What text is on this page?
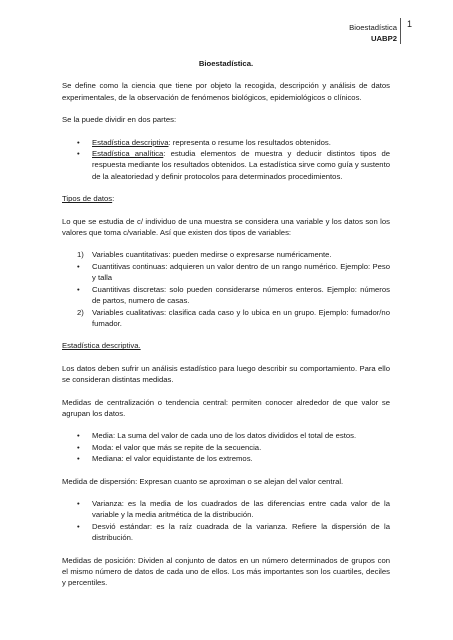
Bioestadística
UABP2
1
Bioestadística.

Se define como la ciencia que tiene por objeto la recogida, descripción y análisis de datos experimentales, de la observación de fenómenos biológicos, epidemiológicos o clínicos.

Se la puede dividir en dos partes:

• Estadística descriptiva: representa o resume los resultados obtenidos.
• Estadística analítica: estudia elementos de muestra y deducir distintos tipos de respuesta mediante los resultados obtenidos. La estadística sirve como guía y sustento de la aleatoriedad y definir protocolos para determinados procedimientos.

Tipos de datos:

Lo que se estudia de c/ individuo de una muestra se considera una variable y los datos son los valores que toma c/variable. Así que existen dos tipos de variables:

1) Variables cuantitativas: pueden medirse o expresarse numéricamente.
• Cuantitivas continuas: adquieren un valor dentro de un rango numérico. Ejemplo: Peso y talla
• Cuantitivas discretas: solo pueden considerarse números enteros. Ejemplo: números de partos, numero de casas.
2) Variables cualitativas: clasifica cada caso y lo ubica en un grupo. Ejemplo: fumador/no fumador.

Estadística descriptiva.

Los datos deben sufrir un análisis estadístico para luego describir su comportamiento. Para ello se consideran distintas medidas.

Medidas de centralización o tendencia central: permiten conocer alrededor de que valor se agrupan los datos.

• Media: La suma del valor de cada uno de los datos divididos el total de estos.
• Moda: el valor que más se repite de la secuencia.
• Mediana: el valor equidistante de los extremos.

Medida de dispersión: Expresan cuanto se aproximan o se alejan del valor central.

• Varianza: es la media de los cuadrados de las diferencias entre cada valor de la variable y la media aritmética de la distribución.
• Desvió estándar: es la raíz cuadrada de la varianza. Refiere la dispersión de la distribución.

Medidas de posición: Dividen al conjunto de datos en un número determinados de grupos con el mismo número de datos de cada uno de ellos. Los más importantes son los cuartiles, deciles y percentiles.
